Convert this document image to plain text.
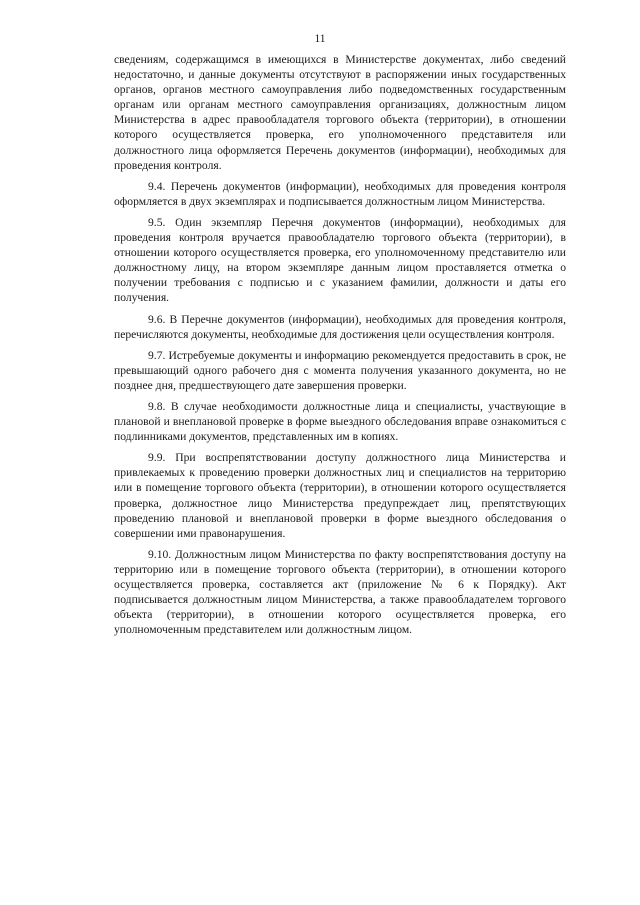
11

сведениям, содержащимся в имеющихся в Министерстве документах, либо сведений недостаточно, и данные документы отсутствуют в распоряжении иных государственных органов, органов местного самоуправления либо подведомственных государственным органам или органам местного самоуправления организациях, должностным лицом Министерства в адрес правообладателя торгового объекта (территории), в отношении которого осуществляется проверка, его уполномоченного представителя или должностного лица оформляется Перечень документов (информации), необходимых для проведения контроля.

9.4. Перечень документов (информации), необходимых для проведения контроля оформляется в двух экземплярах и подписывается должностным лицом Министерства.

9.5. Один экземпляр Перечня документов (информации), необходимых для проведения контроля вручается правообладателю торгового объекта (территории), в отношении которого осуществляется проверка, его уполномоченному представителю или должностному лицу, на втором экземпляре данным лицом проставляется отметка о получении требования с подписью и с указанием фамилии, должности и даты его получения.

9.6. В Перечне документов (информации), необходимых для проведения контроля, перечисляются документы, необходимые для достижения цели осуществления контроля.

9.7. Истребуемые документы и информацию рекомендуется предоставить в срок, не превышающий одного рабочего дня с момента получения указанного документа, но не позднее дня, предшествующего дате завершения проверки.

9.8. В случае необходимости должностные лица и специалисты, участвующие в плановой и внеплановой проверке в форме выездного обследования вправе ознакомиться с подлинниками документов, представленных им в копиях.

9.9. При воспрепятствовании доступу должностного лица Министерства и привлекаемых к проведению проверки должностных лиц и специалистов на территорию или в помещение торгового объекта (территории), в отношении которого осуществляется проверка, должностное лицо Министерства предупреждает лиц, препятствующих проведению плановой и внеплановой проверки в форме выездного обследования о совершении ими правонарушения.

9.10. Должностным лицом Министерства по факту воспрепятствования доступу на территорию или в помещение торгового объекта (территории), в отношении которого осуществляется проверка, составляется акт (приложение № 6 к Порядку). Акт подписывается должностным лицом Министерства, а также правообладателем торгового объекта (территории), в отношении которого осуществляется проверка, его уполномоченным представителем или должностным лицом.
